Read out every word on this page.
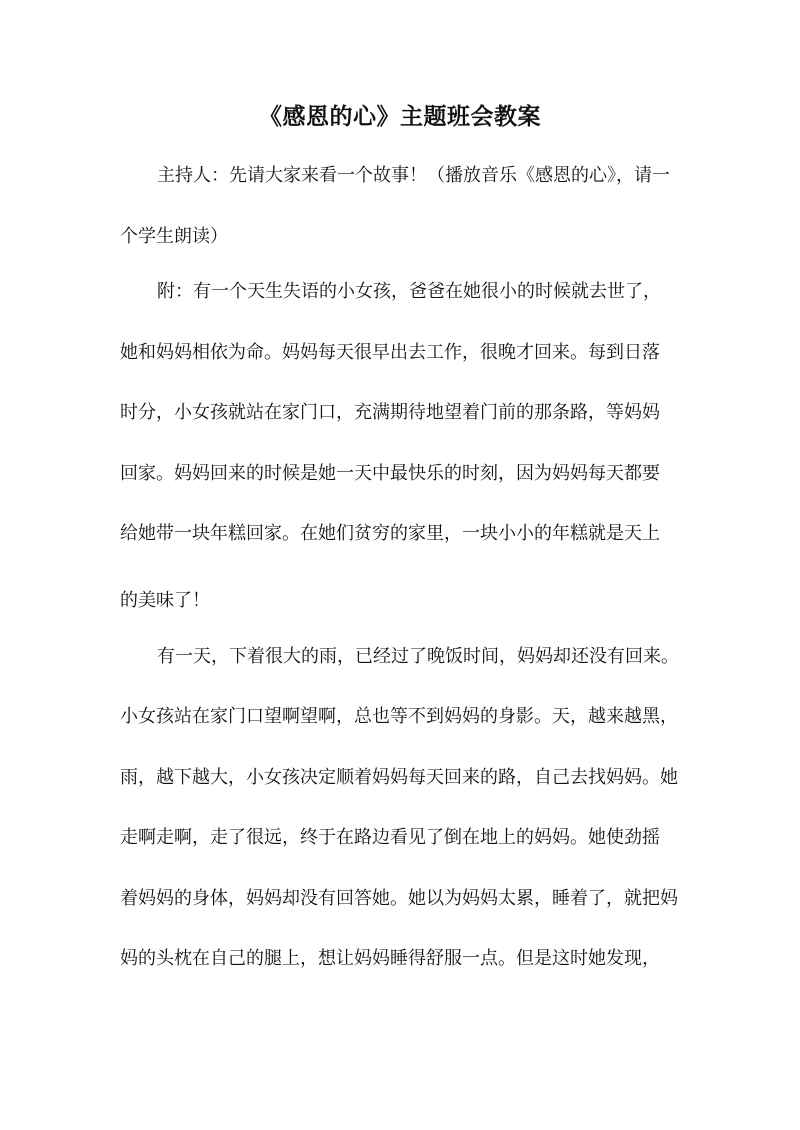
《感恩的心》主题班会教案

主持人：先请大家来看一个故事！（播放音乐《感恩的心》，请一

个学生朗读）

附：有一个天生失语的小女孩，爸爸在她很小的时候就去世了，

她和妈妈相依为命。妈妈每天很早出去工作，很晚才回来。每到日落

时分，小女孩就站在家门口，充满期待地望着门前的那条路，等妈妈

回家。妈妈回来的时候是她一天中最快乐的时刻，因为妈妈每天都要

给她带一块年糕回家。在她们贫穷的家里，一块小小的年糕就是天上

的美味了！

有一天，下着很大的雨，已经过了晚饭时间，妈妈却还没有回来。

小女孩站在家门口望啊望啊，总也等不到妈妈的身影。天，越来越黑，

雨，越下越大，小女孩决定顺着妈妈每天回来的路，自己去找妈妈。她

走啊走啊，走了很远，终于在路边看见了倒在地上的妈妈。她使劲摇

着妈妈的身体，妈妈却没有回答她。她以为妈妈太累，睡着了，就把妈

妈的头枕在自己的腿上，想让妈妈睡得舒服一点。但是这时她发现，
